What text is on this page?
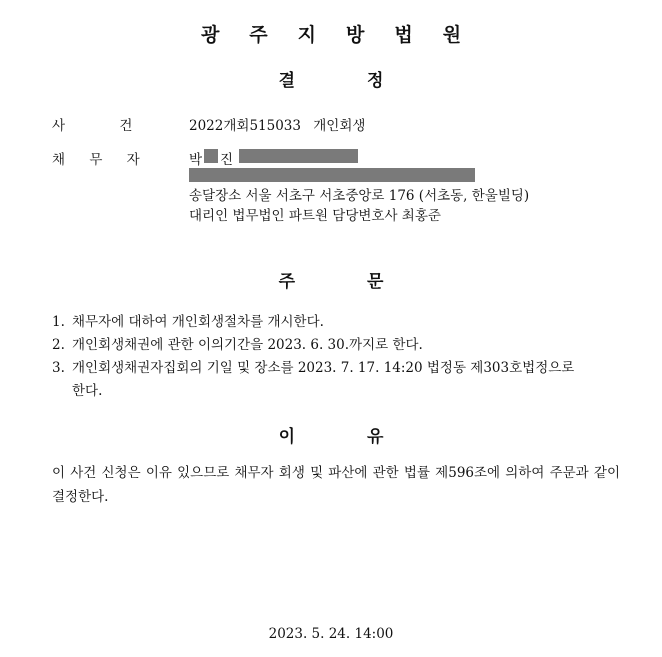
광주지방법원
결정
사 건	2022개회515033 개인회생
채 무 자	박 진
송달장소 서울 서초구 서초중앙로 176 (서초동, 한울빌딩)
대리인 법무법인 파트원 담당변호사 최홍준
주문
1. 채무자에 대하여 개인회생절차를 개시한다.
2. 개인회생채권에 관한 이의기간을 2023. 6. 30.까지로 한다.
3. 개인회생채권자집회의 기일 및 장소를 2023. 7. 17. 14:20 법정동 제303호법정으로
한다.
이유
이 사건 신청은 이유 있으므로 채무자 회생 및 파산에 관한 법률 제596조에 의하여 주문과 같이 결정한다.
2023. 5. 24. 14:00
